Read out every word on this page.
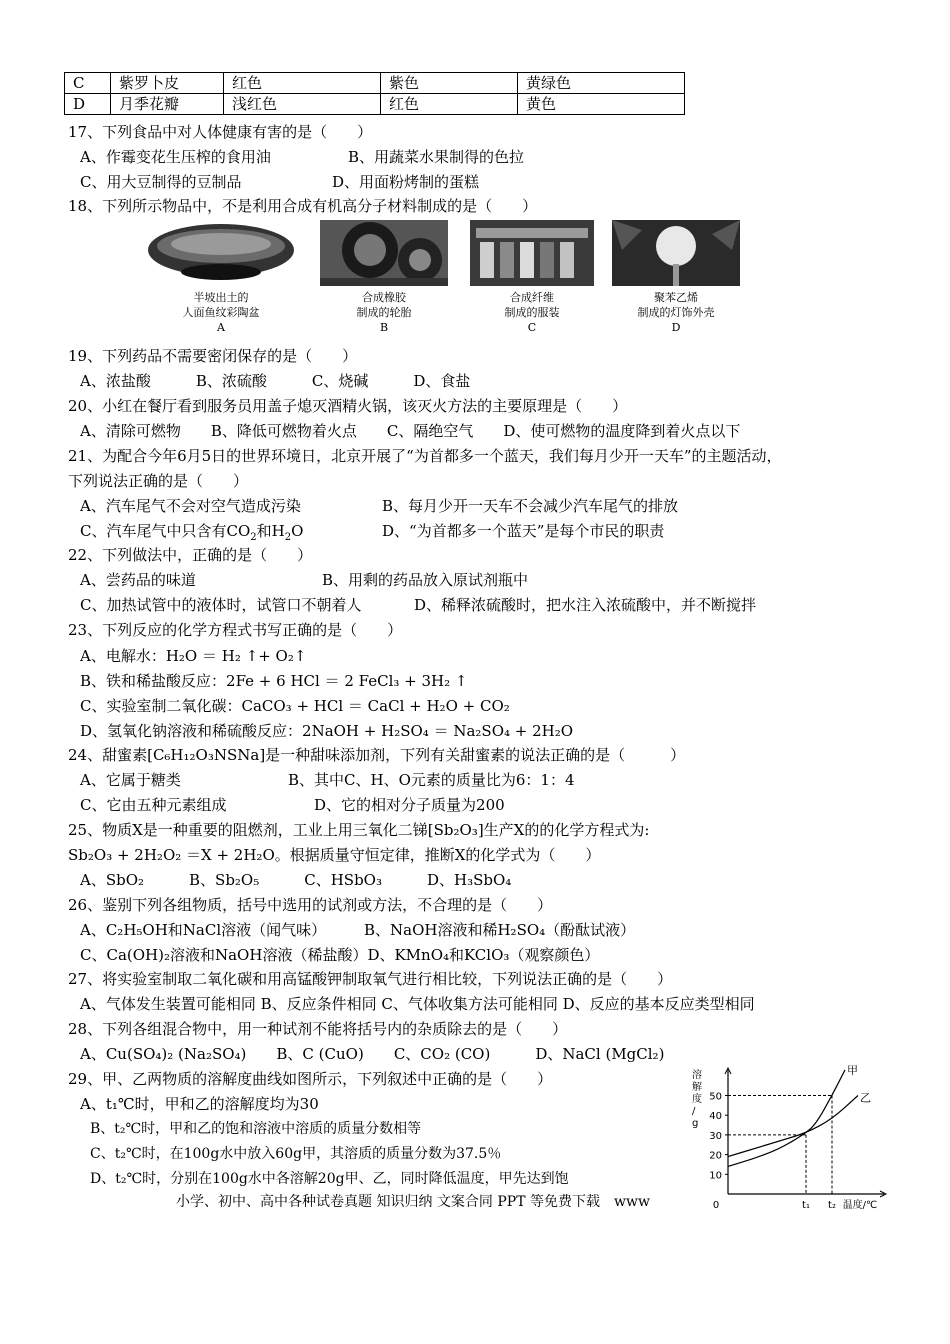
C	紫罗卜皮	红色	紫色	黄绿色
D	月季花瓣	浅红色	红色	黄色
17、下列食品中对人体健康有害的是（　　）
A、作霉变花生压榨的食用油	B、用蔬菜水果制得的色拉
C、用大豆制得的豆制品	D、用面粉烤制的蛋糕
18、下列所示物品中，不是利用合成有机高分子材料制成的是（　　）
半坡出土的
人面鱼纹彩陶盆
A
合成橡胶
制成的轮胎
B
合成纤维
制成的服装
C
聚苯乙烯
制成的灯饰外壳
D
19、下列药品不需要密闭保存的是（　　）
A、浓盐酸　　　B、浓硫酸　　　C、烧碱　　　D、食盐
20、小红在餐厅看到服务员用盖子熄灭酒精火锅，该灭火方法的主要原理是（　　）
A、清除可燃物　　B、降低可燃物着火点　　C、隔绝空气　　D、使可燃物的温度降到着火点以下
21、为配合今年6月5日的世界环境日，北京开展了“为首都多一个蓝天，我们每月少开一天车”的主题活动，
下列说法正确的是（　　）
A、汽车尾气不会对空气造成污染	B、每月少开一天车不会减少汽车尾气的排放
C、汽车尾气中只含有$CO_2$和$H_2O$	D、“为首都多一个蓝天”是每个市民的职责
22、下列做法中，正确的是（　　）
A、尝药品的味道	B、用剩的药品放入原试剂瓶中
C、加热试管中的液体时，试管口不朝着人	D、稀释浓硫酸时，把水注入浓硫酸中，并不断搅拌
23、下列反应的化学方程式书写正确的是（　　）
A、电解水：H₂O ＝ H₂ ↑+ O₂↑
B、铁和稀盐酸反应：2Fe + 6 HCl ＝ 2 FeCl₃ + 3H₂ ↑
C、实验室制二氧化碳：CaCO₃ + HCl ＝ CaCl + H₂O + CO₂
D、氢氧化钠溶液和稀硫酸反应：2NaOH + H₂SO₄ ＝ Na₂SO₄ + 2H₂O
24、甜蜜素[C₆H₁₂O₃NSNa]是一种甜味添加剂，下列有关甜蜜素的说法正确的是（　　　）
A、它属于糖类	B、其中C、H、O元素的质量比为6：1：4
C、它由五种元素组成	D、它的相对分子质量为200
25、物质X是一种重要的阻燃剂，工业上用三氧化二锑[Sb₂O₃]生产X的的化学方程式为:
Sb₂O₃ + 2H₂O₂ ＝X + 2H₂O。根据质量守恒定律，推断X的化学式为（　　）
A、SbO₂　　　B、Sb₂O₅　　　C、HSbO₃　　　D、H₃SbO₄
26、鉴别下列各组物质，括号中选用的试剂或方法，不合理的是（　　）
A、C₂H₅OH和NaCl溶液（闻气味）	B、NaOH溶液和稀H₂SO₄（酚酞试液）
C、Ca(OH)₂溶液和NaOH溶液（稀盐酸）D、KMnO₄和KClO₃（观察颜色）
27、将实验室制取二氧化碳和用高锰酸钾制取氧气进行相比较，下列说法正确的是（　　）
A、气体发生装置可能相同 B、反应条件相同 C、气体收集方法可能相同 D、反应的基本反应类型相同
28、下列各组混合物中，用一种试剂不能将括号内的杂质除去的是（　　）
A、Cu(SO₄)₂ (Na₂SO₄)　　B、C (CuO)　　C、CO₂ (CO)　　　D、NaCl (MgCl₂)
29、甲、乙两物质的溶解度曲线如图所示，下列叙述中正确的是（　　）
A、t₁℃时，甲和乙的溶解度均为30
B、t₂℃时，甲和乙的饱和溶液中溶质的质量分数相等
C、t₂℃时，在100g水中放入60g甲，其溶质的质量分数为37.5％
D、t₂℃时，分别在100g水中各溶解20g甲、乙，同时降低温度，甲先达到饱
小学、初中、高中各种试卷真题 知识归纳 文案合同 PPT 等免费下载　www
10
20
30
40
50
0	t₁ t₂
甲
乙
溶解度/ g
温度/℃
